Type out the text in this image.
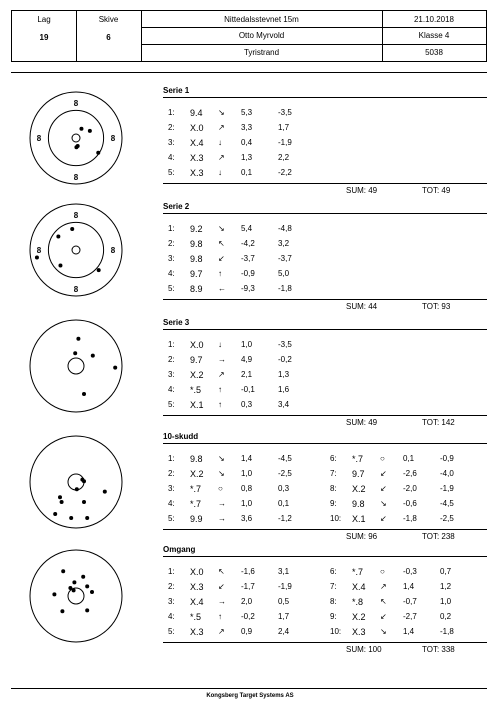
Lag
19
Skive
6
Nittedalsstevnet 15m	21.10.2018
Otto Myrvold	Klasse 4
Tyristrand	5038
Serie 1
1: 9.4 ↘ 5,3	-3,5
2: X.0 ↗ 3,3	1,7
3: X.4 ↓ 0,4	-1,9
4: X.3 ↗ 1,3	2,2
5: X.3 ↓ 0,1	-2,2
SUM: 49	TOT: 49
Serie 2
1: 9.2 ↘ 5,4	-4,8
2: 9.8 ↖ -4,2	3,2
3: 9.8 ↙ -3,7	-3,7
4: 9.7 ↑ -0,9	5,0
5: 8.9 ← -9,3	-1,8
SUM: 44	TOT: 93
Serie 3
1: X.0 ↓ 1,0	-3,5
2: 9.7 → 4,9	-0,2
3: X.2 ↗ 2,1	1,3
4: *.5 ↑ -0,1	1,6
5: X.1 ↑ 0,3	3,4
SUM: 49	TOT: 142
10-skudd
1: 9.8 ↘ 1,4	-4,5
2: X.2 ↘ 1,0	-2,5
3: *.7 ○ 0,8	0,3
4: *.7 → 1,0	0,1
5: 9.9 → 3,6	-1,2
6: *.7 ○ 0,1	-0,9
7: 9.7 ↙ -2,6	-4,0
8: X.2 ↙ -2,0	-1,9
9: 9.8 ↘ -0,6	-4,5
10: X.1 ↙ -1,8	-2,5
SUM: 96	TOT: 238
Omgang
1: X.0 ↖ -1,6	3,1
2: X.3 ↙ -1,7	-1,9
3: X.4 → 2,0	0,5
4: *.5 ↑ -0,2	1,7
5: X.3 ↗ 0,9	2,4
6: *.7 ○ -0,3	0,7
7: X.4 ↗ 1,4	1,2
8: *.8 ↖ -0,7	1,0
9: X.2 ↙ -2,7	0,2
10: X.3 ↘ 1,4	-1,8
SUM: 100	TOT: 338
8
8	8
8
8
8	8
8
Kongsberg Target Systems AS
